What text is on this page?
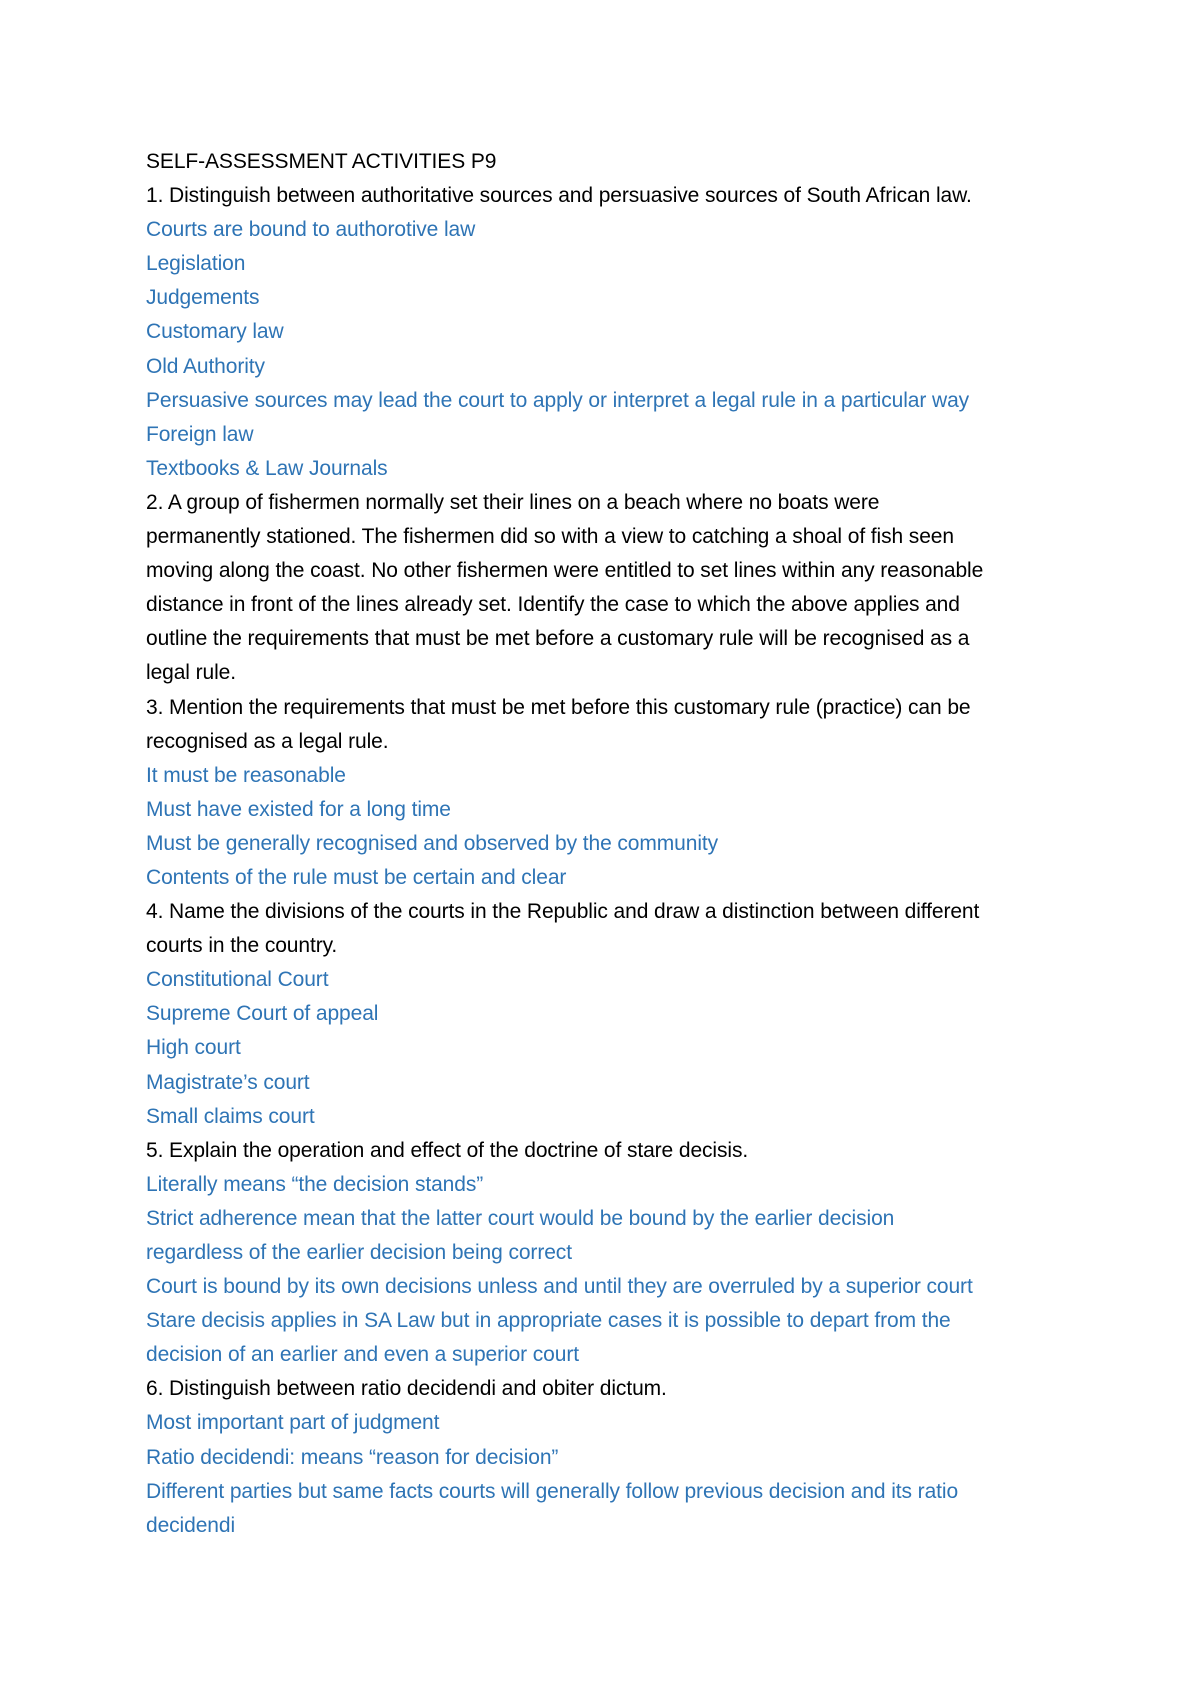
SELF-ASSESSMENT ACTIVITIES P9
1. Distinguish between authoritative sources and persuasive sources of South African law.
Courts are bound to authorotive law
Legislation
Judgements
Customary law
Old Authority
Persuasive sources may lead the court to apply or interpret a legal rule in a particular way
Foreign law
Textbooks & Law Journals
2. A group of fishermen normally set their lines on a beach where no boats were
permanently stationed. The fishermen did so with a view to catching a shoal of fish seen
moving along the coast. No other fishermen were entitled to set lines within any reasonable
distance in front of the lines already set. Identify the case to which the above applies and
outline the requirements that must be met before a customary rule will be recognised as a
legal rule.
3. Mention the requirements that must be met before this customary rule (practice) can be
recognised as a legal rule.
It must be reasonable
Must have existed for a long time
Must be generally recognised and observed by the community
Contents of the rule must be certain and clear
4. Name the divisions of the courts in the Republic and draw a distinction between different
courts in the country.
Constitutional Court
Supreme Court of appeal
High court
Magistrate’s court
Small claims court
5. Explain the operation and effect of the doctrine of stare decisis.
Literally means “the decision stands”
Strict adherence mean that the latter court would be bound by the earlier decision
regardless of the earlier decision being correct
Court is bound by its own decisions unless and until they are overruled by a superior court
Stare decisis applies in SA Law but in appropriate cases it is possible to depart from the
decision of an earlier and even a superior court
6. Distinguish between ratio decidendi and obiter dictum.
Most important part of judgment
Ratio decidendi: means “reason for decision”
Different parties but same facts courts will generally follow previous decision and its ratio
decidendi
